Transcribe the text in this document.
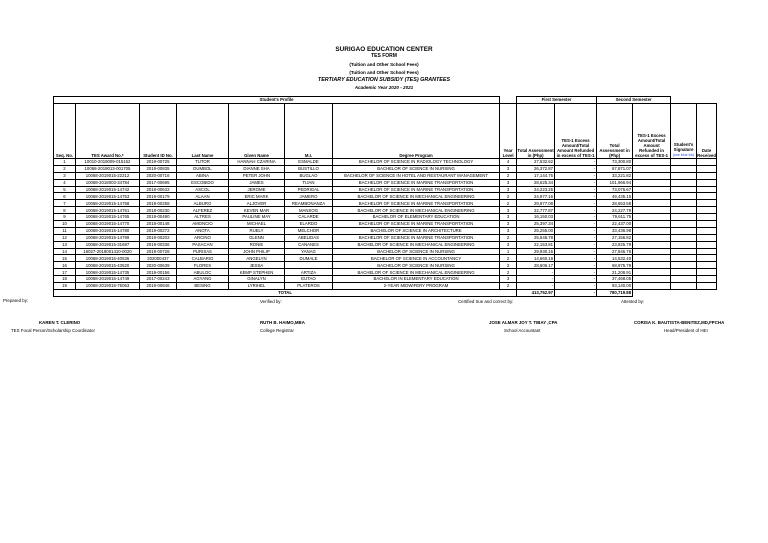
SURIGAO EDUCATION CENTER
TES FORM
(Tuition and Other School Fees)
(Tuition and Other School Fees)
TERTIARY EDUCATION SUBSIDY (TES) GRANTEES
Academic Year 2020 - 2021
Student's Profile								First Semester		Second Semester			
Seq. No.	TES Award No.*	Student ID No.	Last Name	Given Name	M.I.	Degree Program	Year Level	Total Assessment in (Php)	TES-1 Excess Amount/Total Amount Refunded in excess of TES-1	Total Assessment in (Php)	TES-1 Excess Amount/Total Amount Refunded in excess of TES-1	Student's Signature
(use blue ink)	Date Received
1	10010-2019009-015152	2019-00725	TUTOR	HANNAH CZARINA	ESMALDE	BACHELOR OF SCIENCE IN RADIOLOGY TECHNOLOGY	4	27,532.62	-	73,300.80			
2	10068-2019013-001705	2019-00835	DUMBOL	DIANNE SHA	BUSTILLO	BACHELOR OF SCIENCE IN NURSING	3	26,372.87	-	67,871.07			
3	10068-2019015-22212	2020-00716	ABINA	PETER JOHN	BUGLAO	BACHELOR OF SCIENCE IN HOTEL AND RESTAURANT MANAGEMENT	2	17,144.75	-	33,221.82			
4	10068-2018003-34784	2017-00695	ESCOBIDO	JAMES	TIJAN	BACHELOR OF SCIENCE IN MARINE TRANSPORTATION	3	28,625.34	-	101,966.94			
5	10068-2019015-14742	2018-00632	ASCOL	JEROME	PEDRIGAL	BACHELOR OF SCIENCE IN MARINE TRANSPORTATION	3	24,223.25	-	73,075.67			
6	10068-2019015-14753	2019-00179	ALAAN	ERIC MARK	JAMERO	BACHELOR OF SCIENCE IN MECHANICAL ENGINEERING	2	24,977.16	-	49,435.15			
7	10068-2019015-14758	2019-00258	ALBURO	ALJOVER	REAMBONANZA	BACHELOR OF SCIENCE IN MARINE TRANSPORTATION	2	29,977.08	-	28,653.58			
8	10068-2019015-14761	2018-00230	ALFEREZ	KEVEN MAR	MANSOG	BACHELOR OF SCIENCE IN MECHANICAL ENGINEERING	3	22,777.87	-	24,227.79			
9	10068-2019015-14765	2019-00490	ALTRES	PAULINE MAY	CALARDE	BACHELOR OF ELEMENTARY EDUCATION	3	16,150.03	-	79,611.75			
10	10068-2019015-14770	2018-00148	AMONCIO	MICHAEL	ELARDO	BACHELOR OF SCIENCE IN MARINE TRANSPORTATION	3	25,397.34	-	22,437.00			
11	10068-2019015-14780	2019-00272	ANOTA	RUELY	MELCHOR	BACHELOR OF SCIENCE IN ARCHITECTURE	3	25,255.00	-	33,436.98			
12	10068-2019015-14799	2019-00202	ARCINO	GLENN	ABELIDAS	BACHELOR OF SCIENCE IN MARINE TRANSPORTATION	2	25,646.78	-	27,156.82			
13	10068-2019015-31697	2019-00336	PASACAN	RONIE	CANANES	BACHELOR OF SCIENCE IN MECHANICAL ENGINEERING	3	22,153.81	-	23,825.79			
14	16027-2019001410-0020	2019-00728	PURISAS	JOHN PHILIP	YANAG	BACHELOR OF SCIENCE IN NURSING	1	29,930.15	-	27,846.76			
15	10068-2019015-40536	202000437	CALBARIO	ANGELYN	DUMALE	BACHELOR OF SCIENCE IN ACCOUNTANCY	2	14,660.19	-	14,532.40			
16	10068-2019015-43520	2020-00639	FLORES	JESSA		BACHELOR OF SCIENCE IN NURSING	2	28,606.17	-	68,975.79			
17	10068-2019015-14735	2019-00156	ABULOC	KEMP STEPHEN	ARTIZA	BACHELOR OF SCIENCE IN MECHANICAL ENGINEERING	2	-	-	21,208.91			
18	10068-2019015-14749	2017-00243	AGYANG	GINALYN	EUTAO	BACHELOR IN ELEMENTARY EDUCATION	3	-	-	37,468.05			
19	10068-2019015-75063	2019-00846	BESING	LYRIHEL	PLATEROS	2-YEAR MIDWIFERY PROGRAM	2	-	-	93,140.00			
TOTAL								413,752.97	-	780,719.88			
Prepared by:	Verified by:	Certified true and correct by:	Attested by:
KAREN T. CLERINO
TES Focal Person/Scholarship Coordinator
RUTH B. HAIMO,MBA
College Registrar
JOSE ALMAR JOY T. TIBAY ,CPA
School Accountant
CORISA K. BAUTISTA-BENITEZ,MD,FPCHA
Head/President of HEI
